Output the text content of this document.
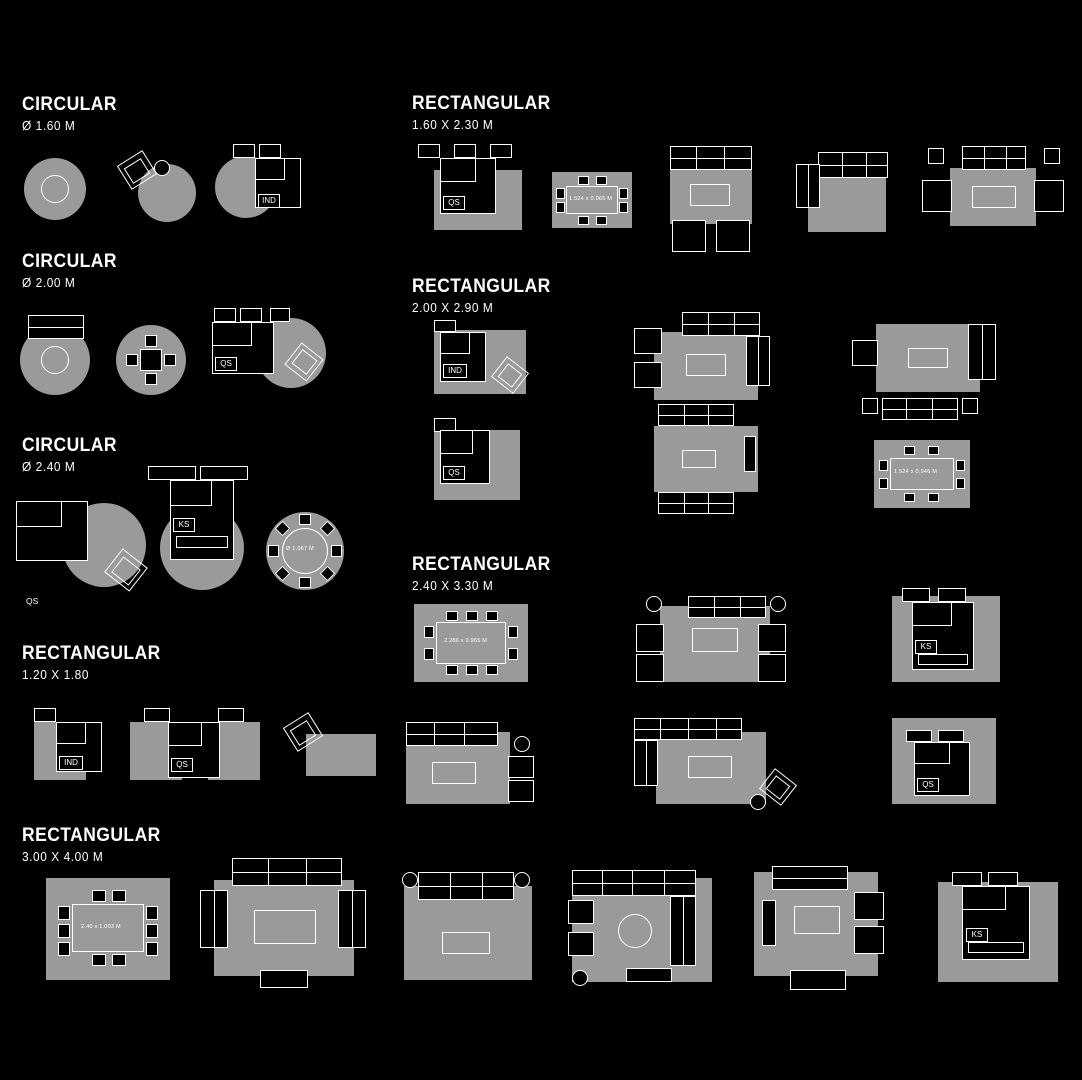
CIRCULAR
Ø 1.60 M
CIRCULAR
Ø 2.00 M
CIRCULAR
Ø 2.40 M
RECTANGULAR
1.20 X 1.80
RECTANGULAR
3.00 X 4.00 M
RECTANGULAR
1.60 X 2.30 M
RECTANGULAR
2.00 X 2.90 M
RECTANGULAR
2.40 X 3.30 M
IND
QS
QS
KS
Ø 1.067 M
IND	QS
2.40 x 1.003 M
KS
QS	1.524 x 0.965 M
IND
QS	1.524 x 0.946 M
2.286 x 0.965 M
KS
QS
